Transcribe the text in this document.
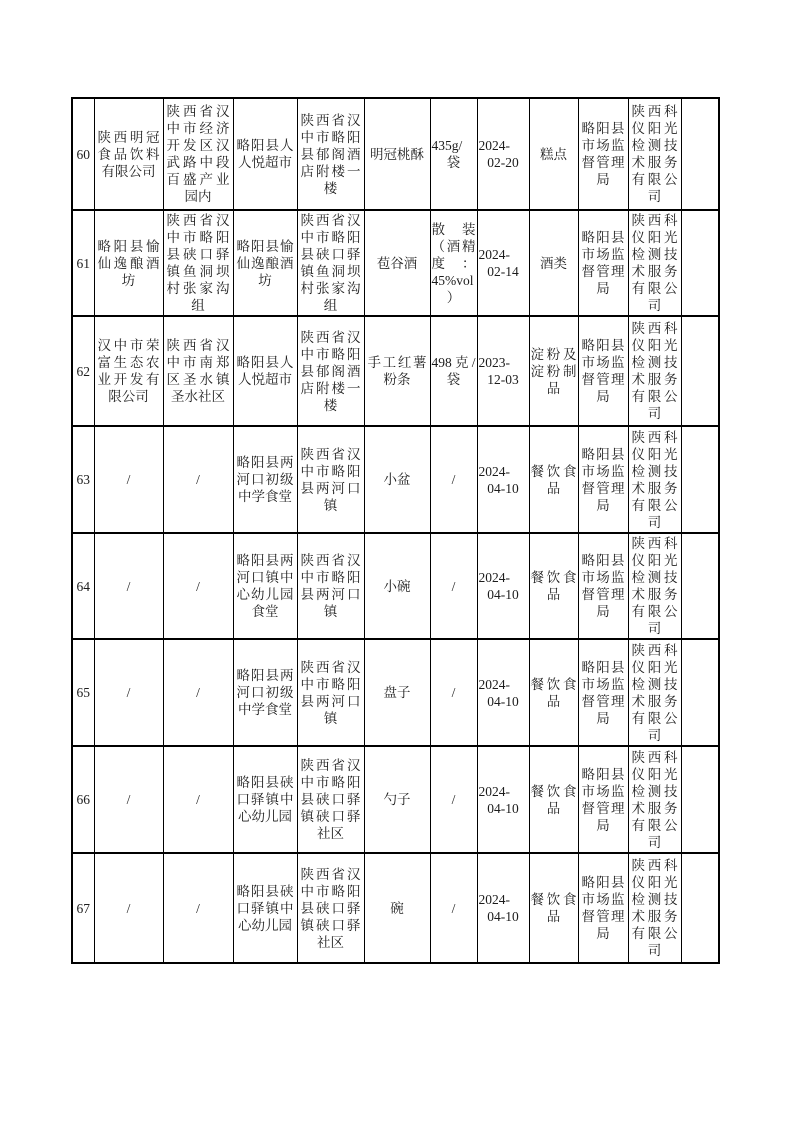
60	陕西明冠食品饮料有限公司	陕西省汉中市经济开发区汉武路中段百盛产业园内	略阳县人人悦超市	陕西省汉中市略阳县郁阁酒店附楼一楼	明冠桃酥	435g/袋	2024-02-20	糕点	略阳县市场监督管理局	陕西科仪阳光检测技术服务有限公司	
61	略阳县愉仙逸酿酒坊	陕西省汉中市略阳县硖口驿镇鱼洞坝村张家沟组	略阳县愉仙逸酿酒坊	陕西省汉中市略阳县硖口驿镇鱼洞坝村张家沟组	苞谷酒	散装（酒精度：45%vol）	2024-02-14	酒类	略阳县市场监督管理局	陕西科仪阳光检测技术服务有限公司	
62	汉中市荣富生态农业开发有限公司	陕西省汉中市南郑区圣水镇圣水社区	略阳县人人悦超市	陕西省汉中市略阳县郁阁酒店附楼一楼	手工红薯粉条	498克/袋	2023-12-03	淀粉及淀粉制品	略阳县市场监督管理局	陕西科仪阳光检测技术服务有限公司	
63	/	/	略阳县两河口初级中学食堂	陕西省汉中市略阳县两河口镇	小盆	/	2024-04-10	餐饮食品	略阳县市场监督管理局	陕西科仪阳光检测技术服务有限公司	
64	/	/	略阳县两河口镇中心幼儿园食堂	陕西省汉中市略阳县两河口镇	小碗	/	2024-04-10	餐饮食品	略阳县市场监督管理局	陕西科仪阳光检测技术服务有限公司	
65	/	/	略阳县两河口初级中学食堂	陕西省汉中市略阳县两河口镇	盘子	/	2024-04-10	餐饮食品	略阳县市场监督管理局	陕西科仪阳光检测技术服务有限公司	
66	/	/	略阳县硖口驿镇中心幼儿园	陕西省汉中市略阳县硖口驿镇硖口驿社区	勺子	/	2024-04-10	餐饮食品	略阳县市场监督管理局	陕西科仪阳光检测技术服务有限公司	
67	/	/	略阳县硖口驿镇中心幼儿园	陕西省汉中市略阳县硖口驿镇硖口驿社区	碗	/	2024-04-10	餐饮食品	略阳县市场监督管理局	陕西科仪阳光检测技术服务有限公司	
